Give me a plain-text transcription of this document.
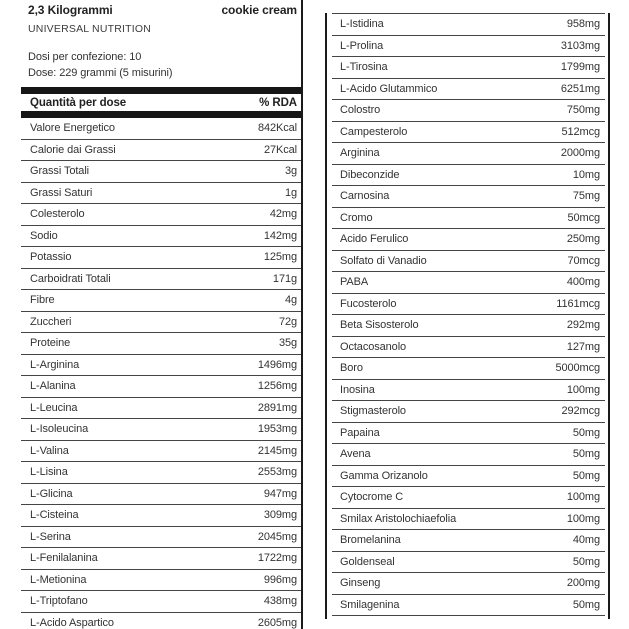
2,3 Kilogrammi	cookie cream
UNIVERSAL NUTRITION
Dosi per confezione: 10
Dose: 229 grammi (5 misurini)
Quantità per dose	% RDA
Valore Energetico	842Kcal
Calorie dai Grassi	27Kcal
Grassi Totali	3g
Grassi Saturi	1g
Colesterolo	42mg
Sodio	142mg
Potassio	125mg
Carboidrati Totali	171g
Fibre	4g
Zuccheri	72g
Proteine	35g
L-Arginina	1496mg
L-Alanina	1256mg
L-Leucina	2891mg
L-Isoleucina	1953mg
L-Valina	2145mg
L-Lisina	2553mg
L-Glicina	947mg
L-Cisteina	309mg
L-Serina	2045mg
L-Fenilalanina	1722mg
L-Metionina	996mg
L-Triptofano	438mg
L-Acido Aspartico	2605mg
L-Istidina	958mg
L-Prolina	3103mg
L-Tirosina	1799mg
L-Acido Glutammico	6251mg
Colostro	750mg
Campesterolo	512mcg
Arginina	2000mg
Dibeconzide	10mg
Carnosina	75mg
Cromo	50mcg
Acido Ferulico	250mg
Solfato di Vanadio	70mcg
PABA	400mg
Fucosterolo	1161mcg
Beta Sisosterolo	292mg
Octacosanolo	127mg
Boro	5000mcg
Inosina	100mg
Stigmasterolo	292mcg
Papaina	50mg
Avena	50mg
Gamma Orizanolo	50mg
Cytocrome C	100mg
Smilax Aristolochiaefolia	100mg
Bromelanina	40mg
Goldenseal	50mg
Ginseng	200mg
Smilagenina	50mg
